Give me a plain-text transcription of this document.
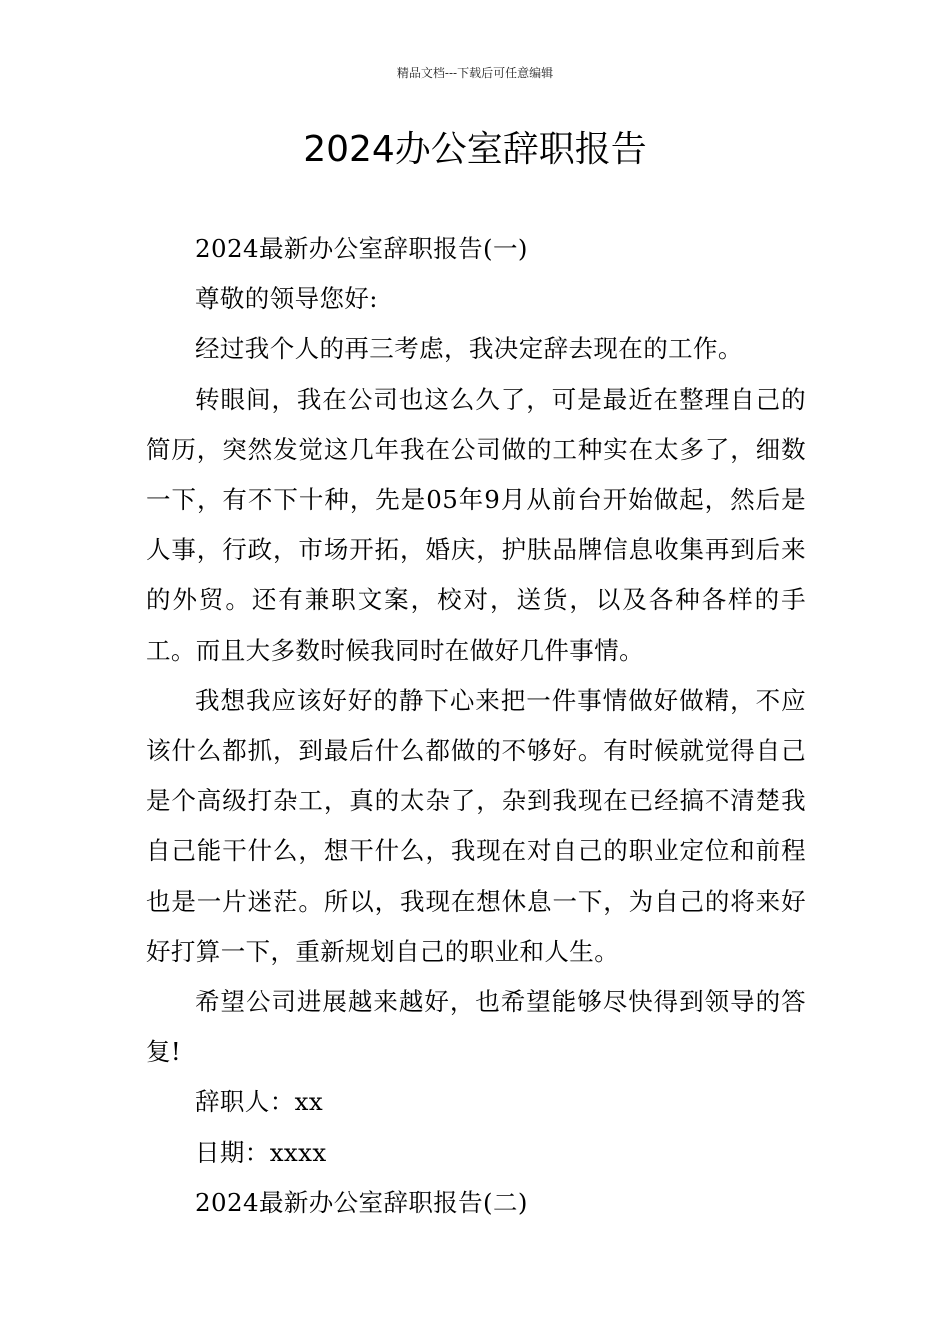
精品文档---下载后可任意编辑
2024办公室辞职报告

2024最新办公室辞职报告(一)

尊敬的领导您好:

经过我个人的再三考虑，我决定辞去现在的工作。

转眼间，我在公司也这么久了，可是最近在整理自己的简历，突然发觉这几年我在公司做的工种实在太多了，细数一下，有不下十种，先是05年9月从前台开始做起，然后是人事，行政，市场开拓，婚庆，护肤品牌信息收集再到后来的外贸。还有兼职文案，校对，送货，以及各种各样的手工。而且大多数时候我同时在做好几件事情。

我想我应该好好的静下心来把一件事情做好做精，不应该什么都抓，到最后什么都做的不够好。有时候就觉得自己是个高级打杂工，真的太杂了，杂到我现在已经搞不清楚我自己能干什么，想干什么，我现在对自己的职业定位和前程也是一片迷茫。所以，我现在想休息一下，为自己的将来好好打算一下，重新规划自己的职业和人生。

希望公司进展越来越好，也希望能够尽快得到领导的答复!

辞职人：xx

日期：xxxx

2024最新办公室辞职报告(二)
